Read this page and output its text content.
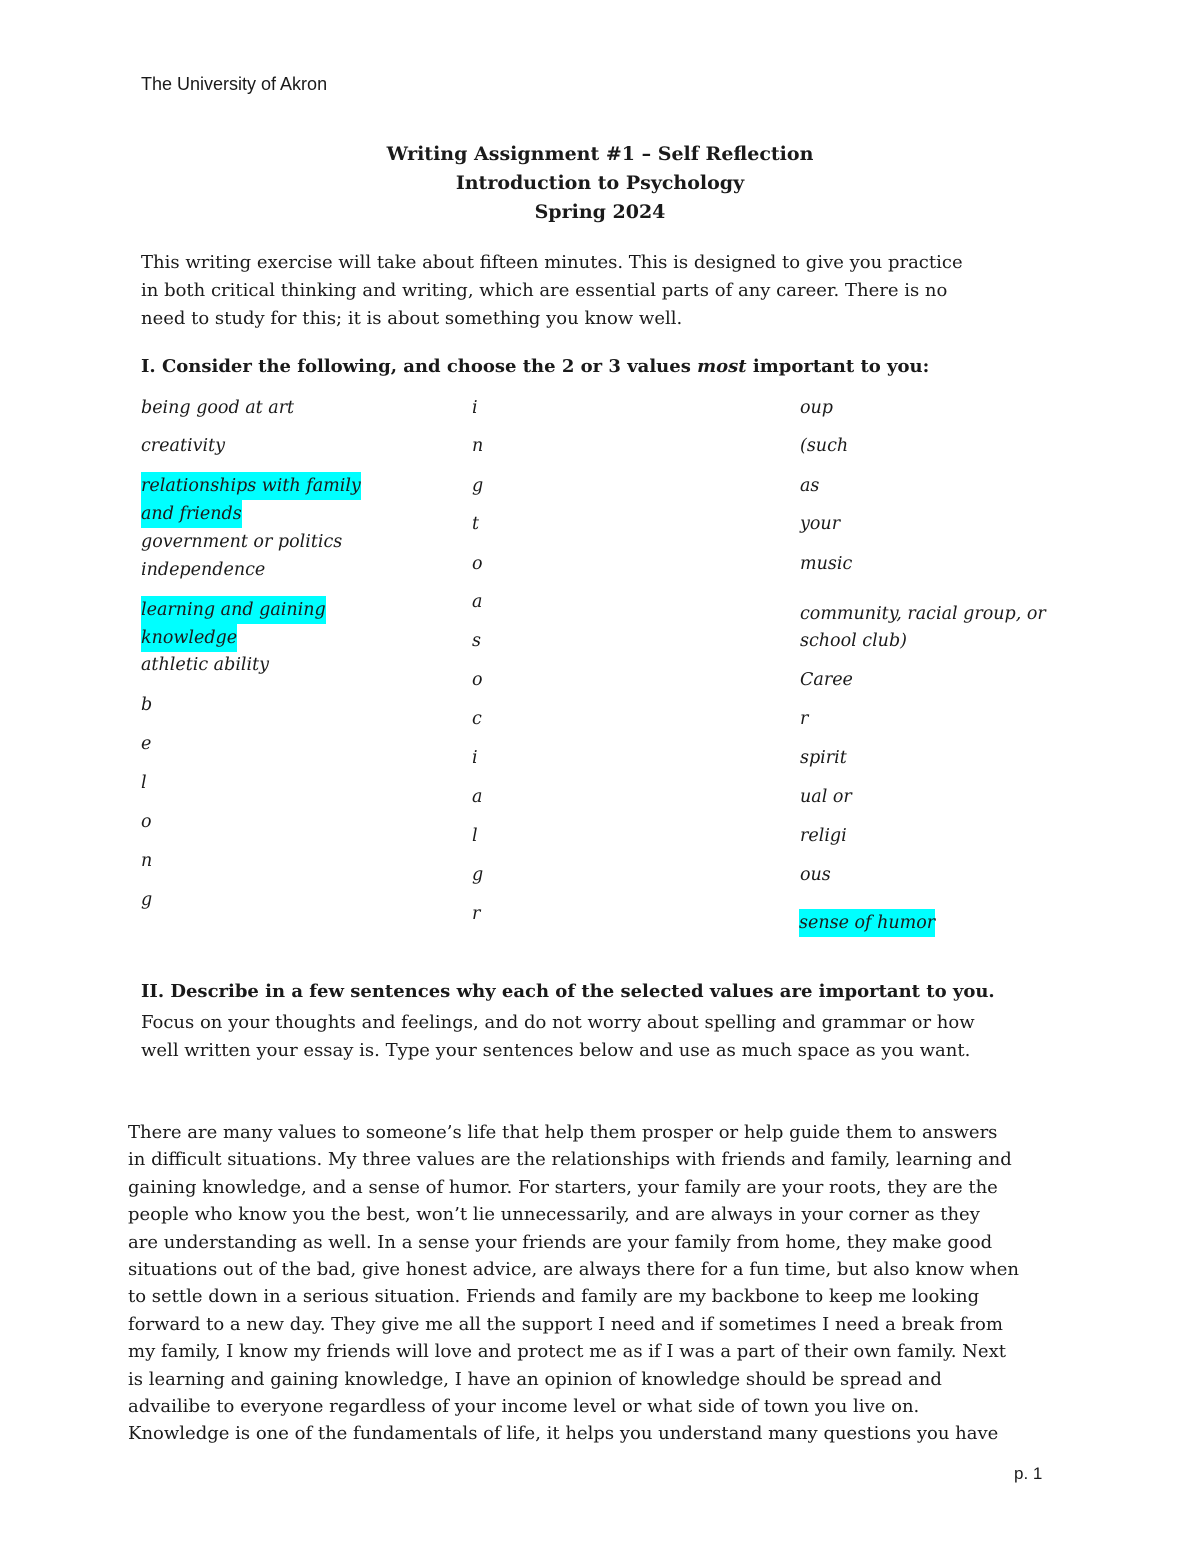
The University of Akron
Writing Assignment #1 – Self Reflection
Introduction to Psychology
Spring 2024
This writing exercise will take about fifteen minutes. This is designed to give you practice
in both critical thinking and writing, which are essential parts of any career. There is no
need to study for this; it is about something you know well.
I. Consider the following, and choose the 2 or 3 values most important to you:
being good at art
creativity
relationships with family
and friends
government or politics
independence
learning and gaining
knowledge
athletic ability
b
e
l
o
n
g
i
n
g
t
o
a
s
o
c
i
a
l
g
r
oup
(such
as
your
music
community, racial group, or
school club)
Caree
r
spirit
ual or
religi
ous
sense of humor
II. Describe in a few sentences why each of the selected values are important to you.
Focus on your thoughts and feelings, and do not worry about spelling and grammar or how
well written your essay is. Type your sentences below and use as much space as you want.
There are many values to someone’s life that help them prosper or help guide them to answers
in difficult situations. My three values are the relationships with friends and family, learning and
gaining knowledge, and a sense of humor. For starters, your family are your roots, they are the
people who know you the best, won’t lie unnecessarily, and are always in your corner as they
are understanding as well. In a sense your friends are your family from home, they make good
situations out of the bad, give honest advice, are always there for a fun time, but also know when
to settle down in a serious situation. Friends and family are my backbone to keep me looking
forward to a new day. They give me all the support I need and if sometimes I need a break from
my family, I know my friends will love and protect me as if I was a part of their own family. Next
is learning and gaining knowledge, I have an opinion of knowledge should be spread and
advailibe to everyone regardless of your income level or what side of town you live on.
Knowledge is one of the fundamentals of life, it helps you understand many questions you have
p. 1
